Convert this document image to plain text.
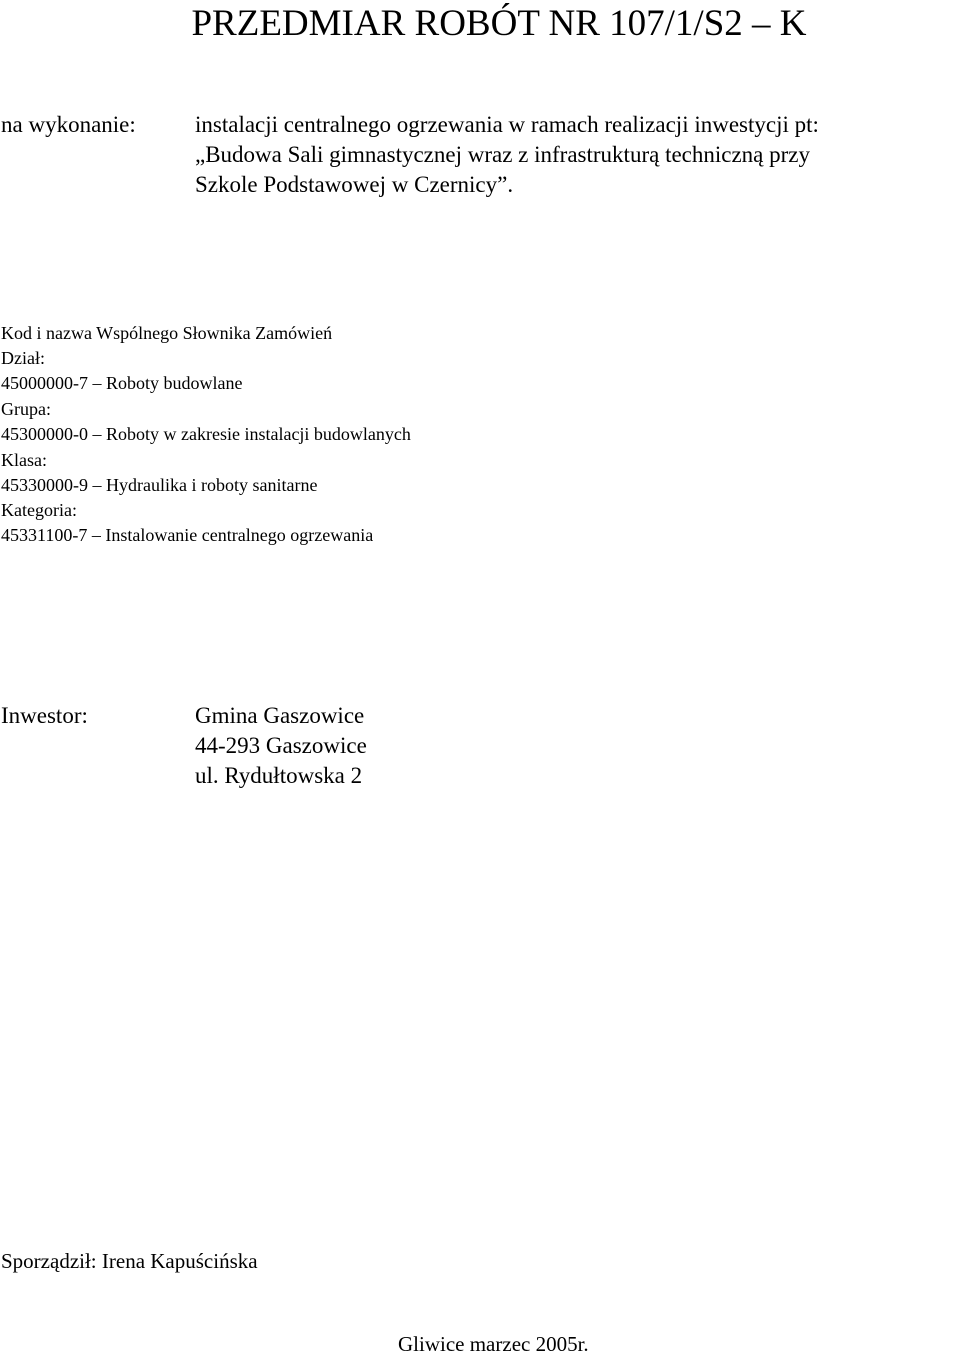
PRZEDMIAR ROBÓT NR 107/1/S2 – K
na wykonanie:	instalacji centralnego ogrzewania w ramach realizacji inwestycji pt:
„Budowa Sali gimnastycznej wraz z infrastrukturą techniczną przy
Szkole Podstawowej w Czernicy”.
Kod i nazwa Wspólnego Słownika Zamówień
Dział:
45000000-7 – Roboty budowlane
Grupa:
45300000-0 – Roboty w zakresie instalacji budowlanych
Klasa:
45330000-9 – Hydraulika i roboty sanitarne
Kategoria:
45331100-7 – Instalowanie centralnego ogrzewania
Inwestor:	Gmina Gaszowice
44-293 Gaszowice
ul. Rydułtowska 2
Sporządził: Irena Kapuścińska
Gliwice marzec 2005r.
